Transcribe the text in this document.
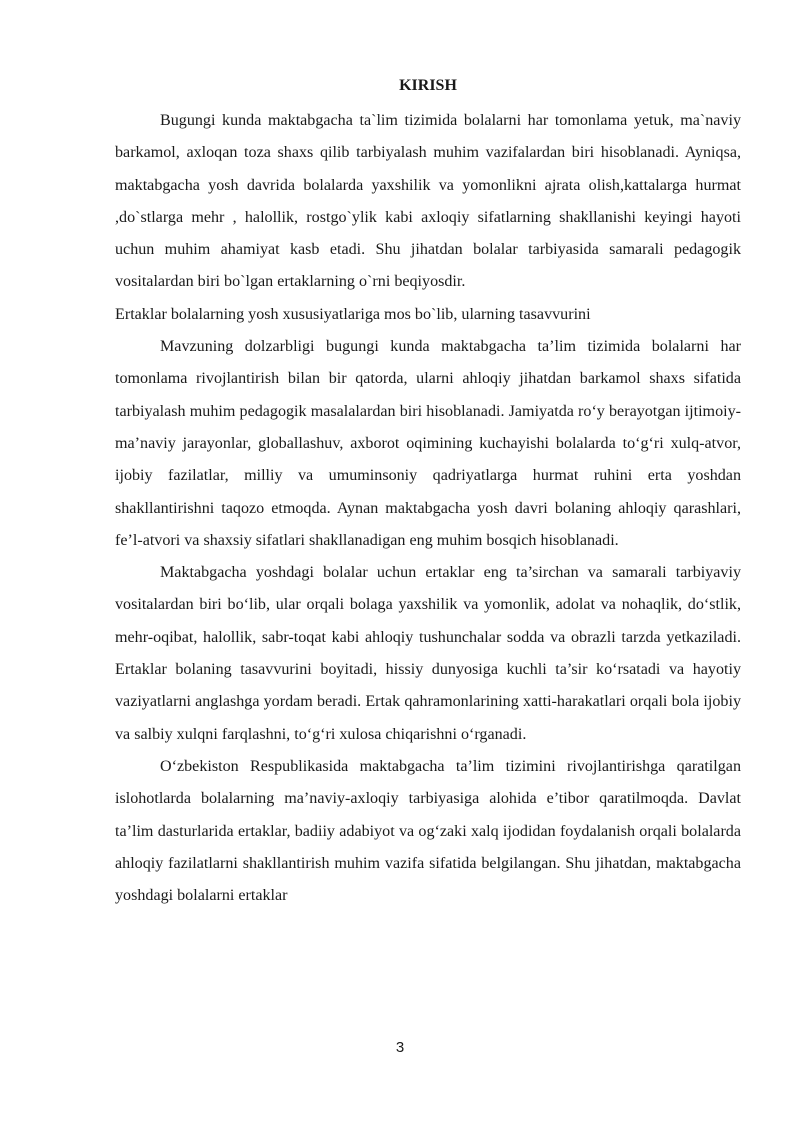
KIRISH

Bugungi kunda maktabgacha ta`lim tizimida bolalarni har tomonlama yetuk, ma`naviy barkamol, axloqan toza shaxs qilib tarbiyalash muhim vazifalardan biri hisoblanadi. Ayniqsa, maktabgacha yosh davrida bolalarda yaxshilik va yomonlikni ajrata olish,kattalarga hurmat ,do`stlarga mehr , halollik, rostgo`ylik kabi axloqiy sifatlarning shakllanishi keyingi hayoti uchun muhim ahamiyat kasb etadi. Shu jihatdan bolalar tarbiyasida samarali pedagogik vositalardan biri bo`lgan ertaklarning o`rni beqiyosdir.

Ertaklar bolalarning yosh xususiyatlariga mos bo`lib, ularning tasavvurini

Mavzuning dolzarbligi bugungi kunda maktabgacha ta’lim tizimida bolalarni har tomonlama rivojlantirish bilan bir qatorda, ularni ahloqiy jihatdan barkamol shaxs sifatida tarbiyalash muhim pedagogik masalalardan biri hisoblanadi. Jamiyatda ro‘y berayotgan ijtimoiy-ma’naviy jarayonlar, globallashuv, axborot oqimining kuchayishi bolalarda to‘g‘ri xulq-atvor, ijobiy fazilatlar, milliy va umuminsoniy qadriyatlarga hurmat ruhini erta yoshdan shakllantirishni taqozo etmoqda. Aynan maktabgacha yosh davri bolaning ahloqiy qarashlari, fe’l-atvori va shaxsiy sifatlari shakllanadigan eng muhim bosqich hisoblanadi.

Maktabgacha yoshdagi bolalar uchun ertaklar eng ta’sirchan va samarali tarbiyaviy vositalardan biri bo‘lib, ular orqali bolaga yaxshilik va yomonlik, adolat va nohaqlik, do‘stlik, mehr-oqibat, halollik, sabr-toqat kabi ahloqiy tushunchalar sodda va obrazli tarzda yetkaziladi. Ertaklar bolaning tasavvurini boyitadi, hissiy dunyosiga kuchli ta’sir ko‘rsatadi va hayotiy vaziyatlarni anglashga yordam beradi. Ertak qahramonlarining xatti-harakatlari orqali bola ijobiy va salbiy xulqni farqlashni, to‘g‘ri xulosa chiqarishni o‘rganadi.

O‘zbekiston Respublikasida maktabgacha ta’lim tizimini rivojlantirishga qaratilgan islohotlarda bolalarning ma’naviy-axloqiy tarbiyasiga alohida e’tibor qaratilmoqda. Davlat ta’lim dasturlarida ertaklar, badiiy adabiyot va og‘zaki xalq ijodidan foydalanish orqali bolalarda ahloqiy fazilatlarni shakllantirish muhim vazifa sifatida belgilangan. Shu jihatdan, maktabgacha yoshdagi bolalarni ertaklar

3
